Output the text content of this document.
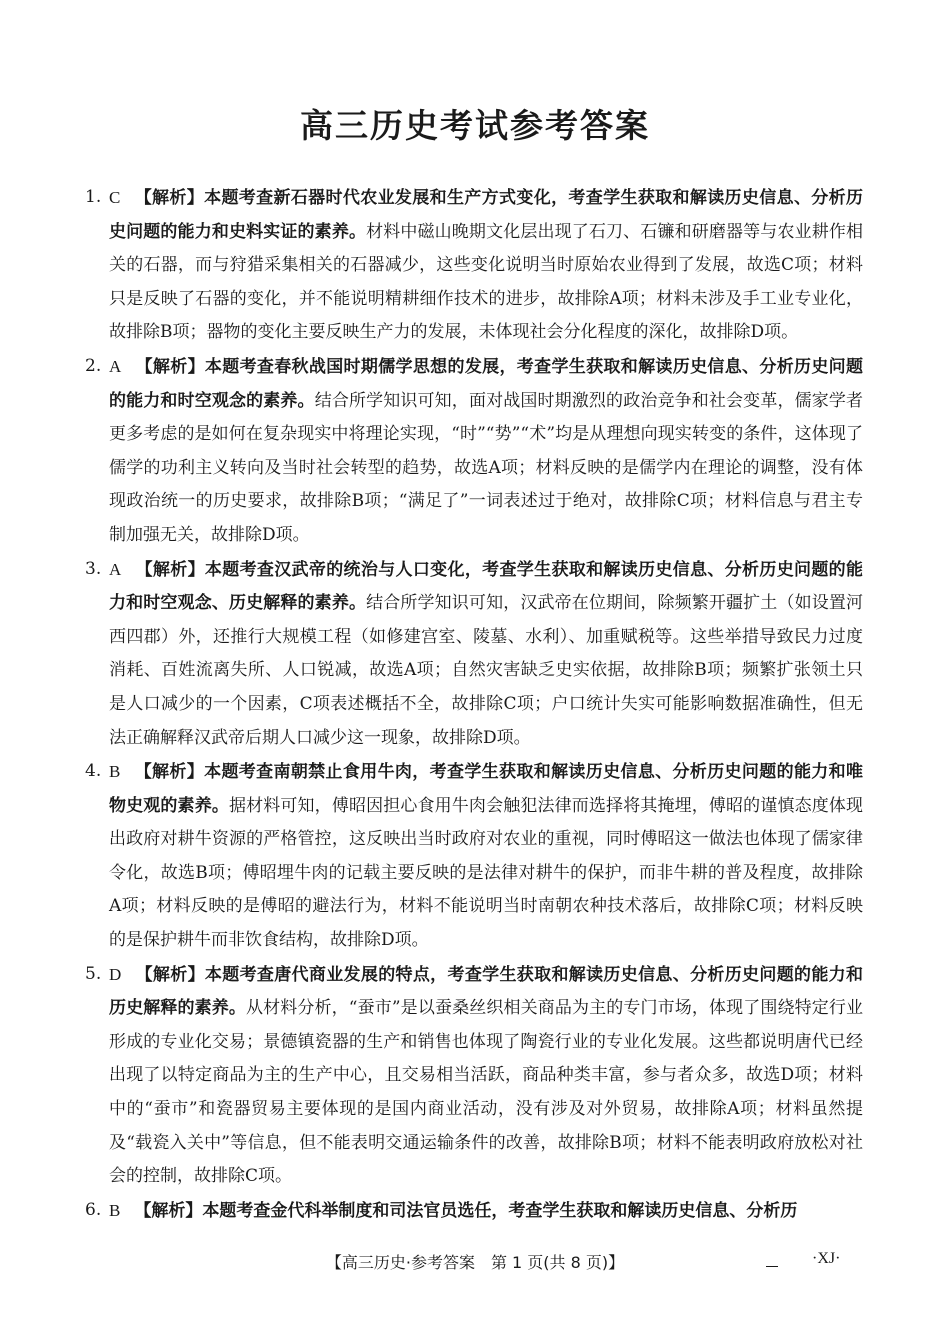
高三历史考试参考答案

1. C 【解析】本题考查新石器时代农业发展和生产方式变化，考查学生获取和解读历史信息、分析历史问题的能力和史料实证的素养。材料中磁山晚期文化层出现了石刀、石镰和研磨器等与农业耕作相关的石器，而与狩猎采集相关的石器减少，这些变化说明当时原始农业得到了发展，故选C项；材料只是反映了石器的变化，并不能说明精耕细作技术的进步，故排除A项；材料未涉及手工业专业化，故排除B项；器物的变化主要反映生产力的发展，未体现社会分化程度的深化，故排除D项。

2. A 【解析】本题考查春秋战国时期儒学思想的发展，考查学生获取和解读历史信息、分析历史问题的能力和时空观念的素养。结合所学知识可知，面对战国时期激烈的政治竞争和社会变革，儒家学者更多考虑的是如何在复杂现实中将理论实现，“时”“势”“术”均是从理想向现实转变的条件，这体现了儒学的功利主义转向及当时社会转型的趋势，故选A项；材料反映的是儒学内在理论的调整，没有体现政治统一的历史要求，故排除B项；“满足了”一词表述过于绝对，故排除C项；材料信息与君主专制加强无关，故排除D项。

3. A 【解析】本题考查汉武帝的统治与人口变化，考查学生获取和解读历史信息、分析历史问题的能力和时空观念、历史解释的素养。结合所学知识可知，汉武帝在位期间，除频繁开疆扩土（如设置河西四郡）外，还推行大规模工程（如修建宫室、陵墓、水利）、加重赋税等。这些举措导致民力过度消耗、百姓流离失所、人口锐减，故选A项；自然灾害缺乏史实依据，故排除B项；频繁扩张领土只是人口减少的一个因素，C项表述概括不全，故排除C项；户口统计失实可能影响数据准确性，但无法正确解释汉武帝后期人口减少这一现象，故排除D项。

4. B 【解析】本题考查南朝禁止食用牛肉，考查学生获取和解读历史信息、分析历史问题的能力和唯物史观的素养。据材料可知，傅昭因担心食用牛肉会触犯法律而选择将其掩埋，傅昭的谨慎态度体现出政府对耕牛资源的严格管控，这反映出当时政府对农业的重视，同时傅昭这一做法也体现了儒家律令化，故选B项；傅昭埋牛肉的记载主要反映的是法律对耕牛的保护，而非牛耕的普及程度，故排除A项；材料反映的是傅昭的避法行为，材料不能说明当时南朝农种技术落后，故排除C项；材料反映的是保护耕牛而非饮食结构，故排除D项。

5. D 【解析】本题考查唐代商业发展的特点，考查学生获取和解读历史信息、分析历史问题的能力和历史解释的素养。从材料分析，“蚕市”是以蚕桑丝织相关商品为主的专门市场，体现了围绕特定行业形成的专业化交易；景德镇瓷器的生产和销售也体现了陶瓷行业的专业化发展。这些都说明唐代已经出现了以特定商品为主的生产中心，且交易相当活跃，商品种类丰富，参与者众多，故选D项；材料中的“蚕市”和瓷器贸易主要体现的是国内商业活动，没有涉及对外贸易，故排除A项；材料虽然提及“载瓷入关中”等信息，但不能表明交通运输条件的改善，故排除B项；材料不能表明政府放松对社会的控制，故排除C项。

6. B 【解析】本题考查金代科举制度和司法官员选任，考查学生获取和解读历史信息、分析历

【高三历史·参考答案　第 1 页(共 8 页)】	·XJ·
